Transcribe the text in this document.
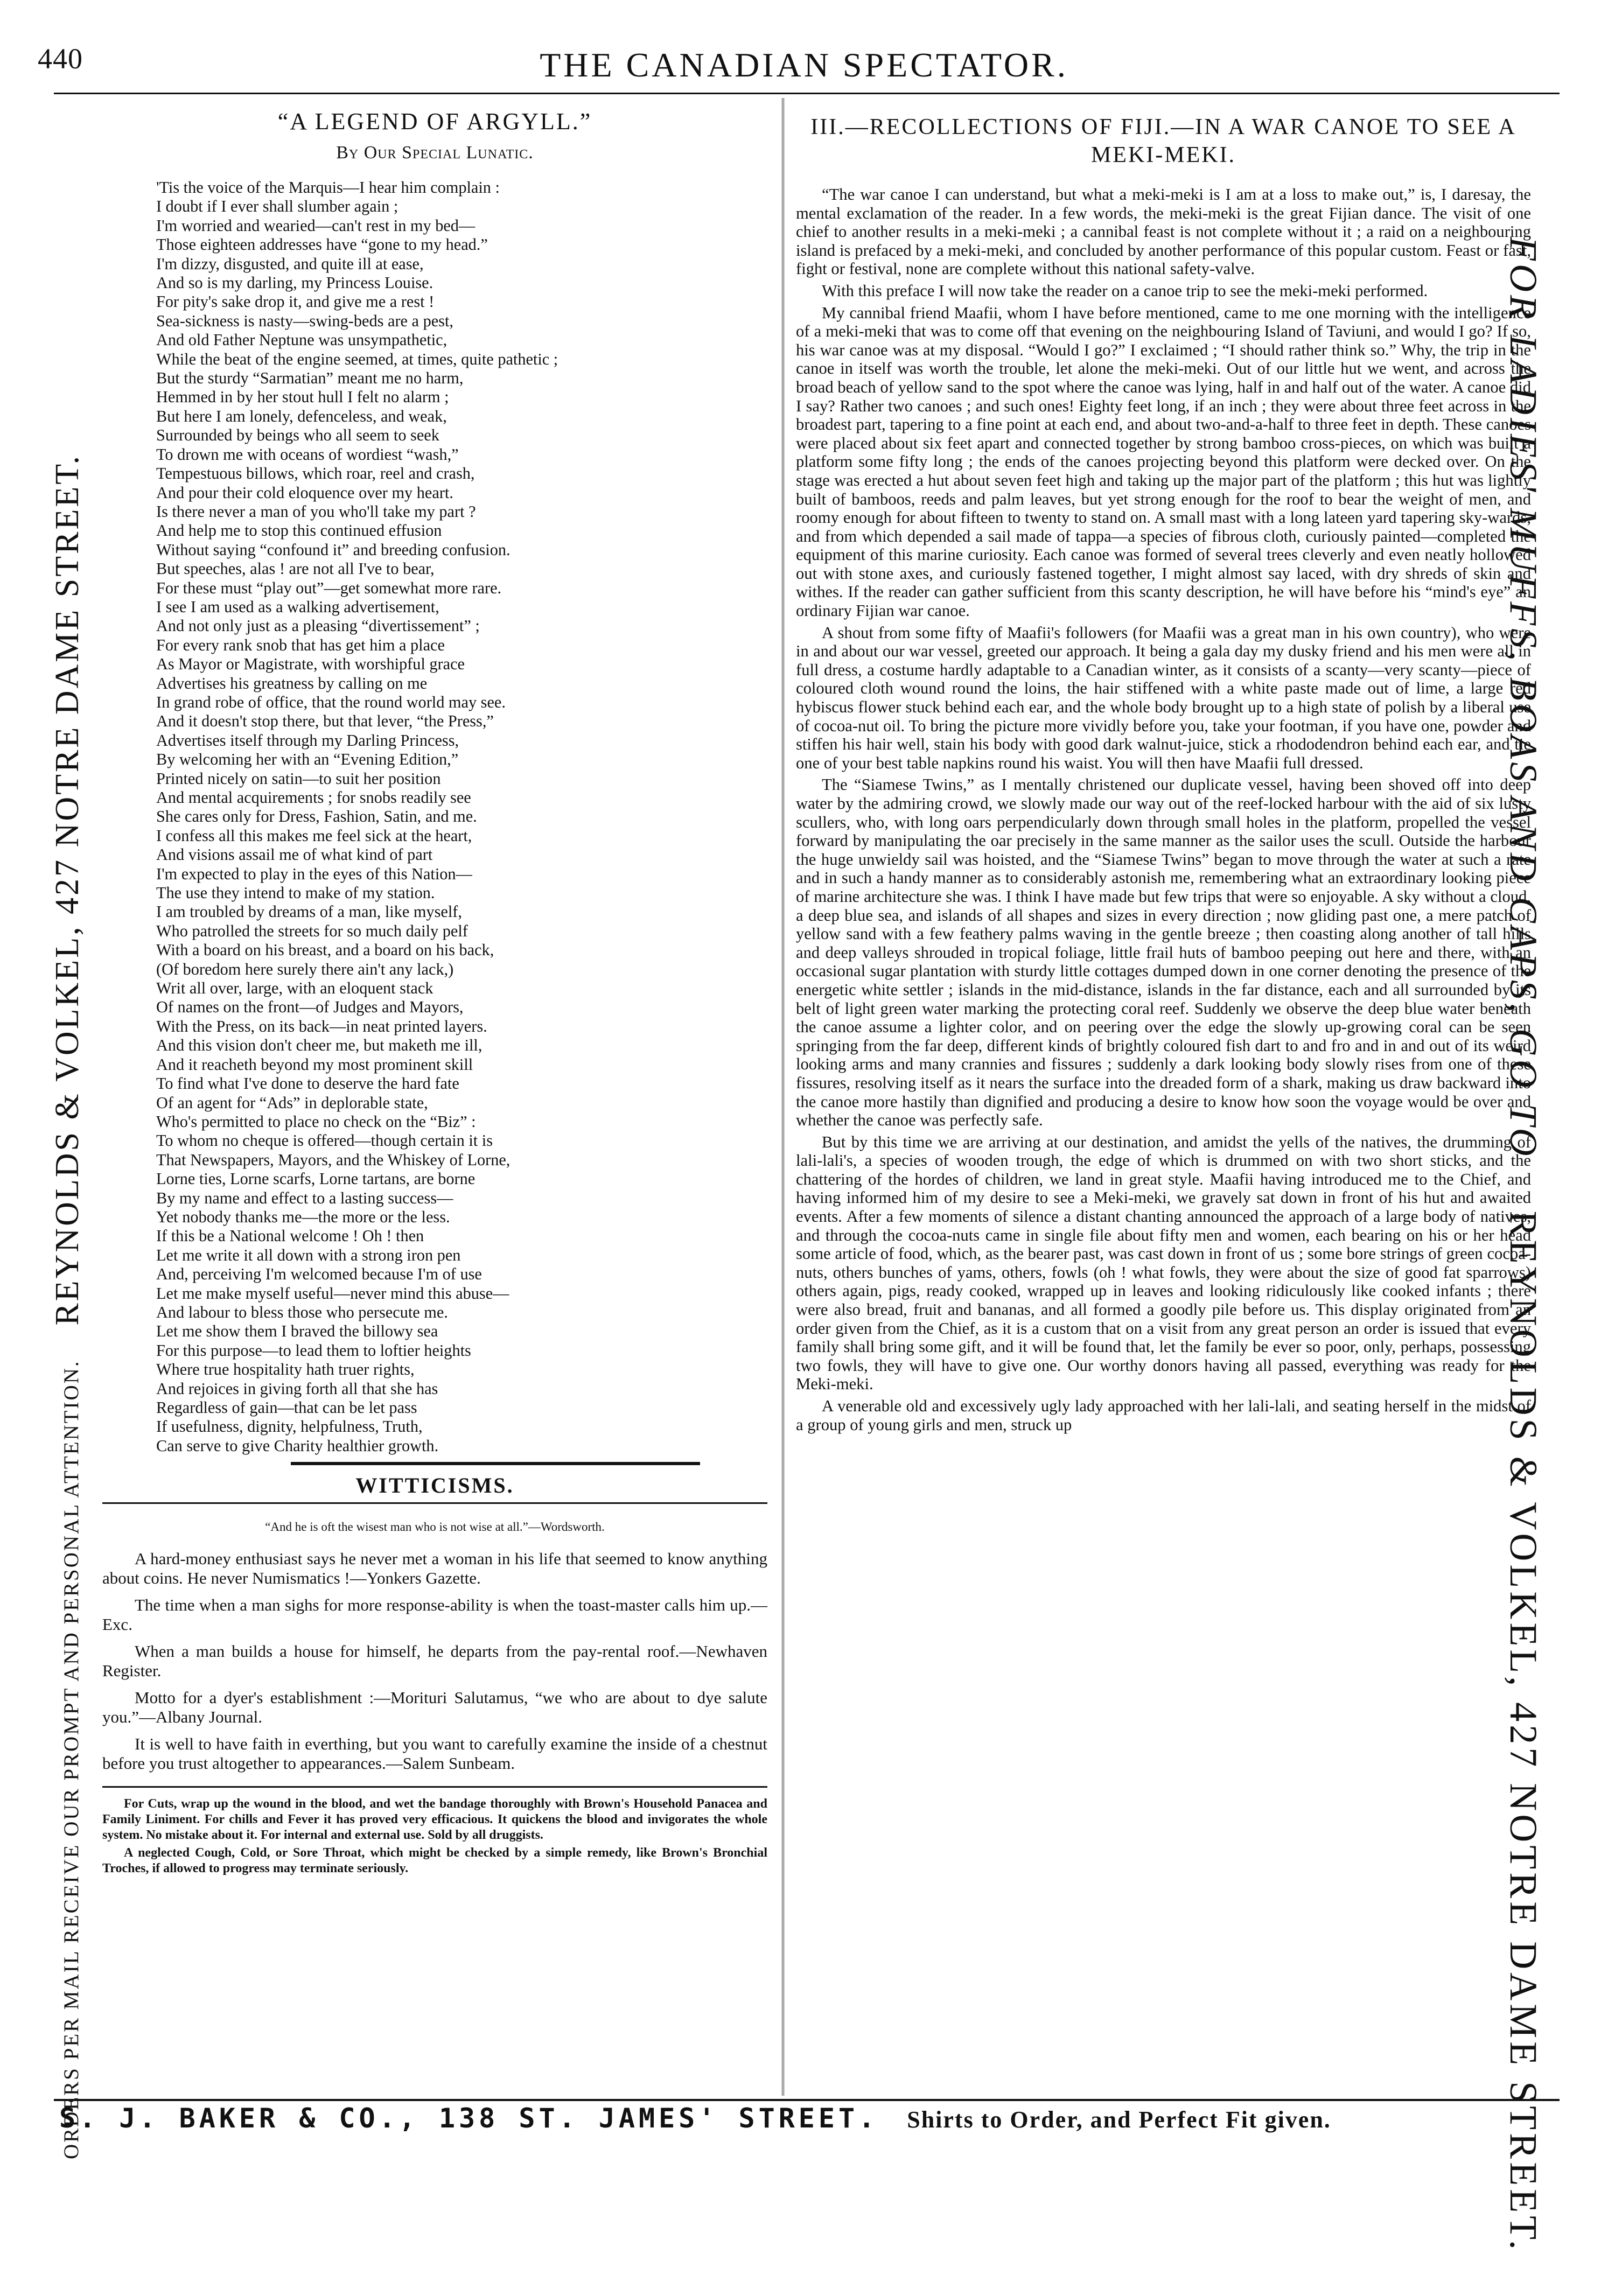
440	THE CANADIAN SPECTATOR.
ORDERS PER MAIL RECEIVE OUR PROMPT AND PERSONAL ATTENTION.     REYNOLDS & VOLKEL, 427 NOTRE DAME STREET.	FOR LADIES' MUFFS, BOAS AND CAPS, GO TO    REYNOLDS & VOLKEL, 427 NOTRE DAME STREET.
“A LEGEND OF ARGYLL.”
By Our Special Lunatic.
'Tis the voice of the Marquis—I hear him complain :
I doubt if I ever shall slumber again ;
I'm worried and wearied—can't rest in my bed—
Those eighteen addresses have “gone to my head.”
I'm dizzy, disgusted, and quite ill at ease,
And so is my darling, my Princess Louise.
For pity's sake drop it, and give me a rest !
Sea-sickness is nasty—swing-beds are a pest,
And old Father Neptune was unsympathetic,
While the beat of the engine seemed, at times, quite pathetic ;
But the sturdy “Sarmatian” meant me no harm,
Hemmed in by her stout hull I felt no alarm ;
But here I am lonely, defenceless, and weak,
Surrounded by beings who all seem to seek
To drown me with oceans of wordiest “wash,”
Tempestuous billows, which roar, reel and crash,
And pour their cold eloquence over my heart.
Is there never a man of you who'll take my part ?
And help me to stop this continued effusion
Without saying “confound it” and breeding confusion.
But speeches, alas ! are not all I've to bear,
For these must “play out”—get somewhat more rare.
I see I am used as a walking advertisement,
And not only just as a pleasing “divertissement” ;
For every rank snob that has get him a place
As Mayor or Magistrate, with worshipful grace
Advertises his greatness by calling on me
In grand robe of office, that the round world may see.
And it doesn't stop there, but that lever, “the Press,”
Advertises itself through my Darling Princess,
By welcoming her with an “Evening Edition,”
Printed nicely on satin—to suit her position
And mental acquirements ; for snobs readily see
She cares only for Dress, Fashion, Satin, and me.
I confess all this makes me feel sick at the heart,
And visions assail me of what kind of part
I'm expected to play in the eyes of this Nation—
The use they intend to make of my station.
I am troubled by dreams of a man, like myself,
Who patrolled the streets for so much daily pelf
With a board on his breast, and a board on his back,
(Of boredom here surely there ain't any lack,)
Writ all over, large, with an eloquent stack
Of names on the front—of Judges and Mayors,
With the Press, on its back—in neat printed layers.
And this vision don't cheer me, but maketh me ill,
And it reacheth beyond my most prominent skill
To find what I've done to deserve the hard fate
Of an agent for “Ads” in deplorable state,
Who's permitted to place no check on the “Biz” :
To whom no cheque is offered—though certain it is
That Newspapers, Mayors, and the Whiskey of Lorne,
Lorne ties, Lorne scarfs, Lorne tartans, are borne
By my name and effect to a lasting success—
Yet nobody thanks me—the more or the less.
If this be a National welcome ! Oh ! then
Let me write it all down with a strong iron pen
And, perceiving I'm welcomed because I'm of use
Let me make myself useful—never mind this abuse—
And labour to bless those who persecute me.
Let me show them I braved the billowy sea
For this purpose—to lead them to loftier heights
Where true hospitality hath truer rights,
And rejoices in giving forth all that she has
Regardless of gain—that can be let pass
If usefulness, dignity, helpfulness, Truth,
Can serve to give Charity healthier growth.
WITTICISMS.
“And he is oft the wisest man who is not wise at all.”—Wordsworth.

A hard-money enthusiast says he never met a woman in his life that seemed to know anything about coins. He never Numismatics !—Yonkers Gazette.

The time when a man sighs for more response-ability is when the toast-master calls him up.—Exc.

When a man builds a house for himself, he departs from the pay-rental roof.—Newhaven Register.

Motto for a dyer's establishment :—Morituri Salutamus, “we who are about to dye salute you.”—Albany Journal.

It is well to have faith in everthing, but you want to carefully examine the inside of a chestnut before you trust altogether to appearances.—Salem Sunbeam.

For Cuts, wrap up the wound in the blood, and wet the bandage thoroughly with Brown's Household Panacea and Family Liniment. For chills and Fever it has proved very efficacious. It quickens the blood and invigorates the whole system. No mistake about it. For internal and external use. Sold by all druggists.

A neglected Cough, Cold, or Sore Throat, which might be checked by a simple remedy, like Brown's Bronchial Troches, if allowed to progress may terminate seriously.

III.—RECOLLECTIONS OF FIJI.—IN A WAR CANOE TO SEE A MEKI-MEKI.

“The war canoe I can understand, but what a meki-meki is I am at a loss to make out,” is, I daresay, the mental exclamation of the reader. In a few words, the meki-meki is the great Fijian dance. The visit of one chief to another results in a meki-meki ; a cannibal feast is not complete without it ; a raid on a neighbouring island is prefaced by a meki-meki, and concluded by another performance of this popular custom. Feast or fast, fight or festival, none are complete without this national safety-valve.

With this preface I will now take the reader on a canoe trip to see the meki-meki performed.

My cannibal friend Maafii, whom I have before mentioned, came to me one morning with the intelligence of a meki-meki that was to come off that evening on the neighbouring Island of Taviuni, and would I go? If so, his war canoe was at my disposal. “Would I go?” I exclaimed ; “I should rather think so.” Why, the trip in the canoe in itself was worth the trouble, let alone the meki-meki. Out of our little hut we went, and across the broad beach of yellow sand to the spot where the canoe was lying, half in and half out of the water. A canoe did I say? Rather two canoes ; and such ones! Eighty feet long, if an inch ; they were about three feet across in the broadest part, tapering to a fine point at each end, and about two-and-a-half to three feet in depth. These canoes were placed about six feet apart and connected together by strong bamboo cross-pieces, on which was built a platform some fifty long ; the ends of the canoes projecting beyond this platform were decked over. On the stage was erected a hut about seven feet high and taking up the major part of the platform ; this hut was lightly built of bamboos, reeds and palm leaves, but yet strong enough for the roof to bear the weight of men, and roomy enough for about fifteen to twenty to stand on. A small mast with a long lateen yard tapering sky-wards, and from which depended a sail made of tappa—a species of fibrous cloth, curiously painted—completed the equipment of this marine curiosity. Each canoe was formed of several trees cleverly and even neatly hollowed out with stone axes, and curiously fastened together, I might almost say laced, with dry shreds of skin and withes. If the reader can gather sufficient from this scanty description, he will have before his “mind's eye” an ordinary Fijian war canoe.

A shout from some fifty of Maafii's followers (for Maafii was a great man in his own country), who were in and about our war vessel, greeted our approach. It being a gala day my dusky friend and his men were all in full dress, a costume hardly adaptable to a Canadian winter, as it consists of a scanty—very scanty—piece of coloured cloth wound round the loins, the hair stiffened with a white paste made out of lime, a large red hybiscus flower stuck behind each ear, and the whole body brought up to a high state of polish by a liberal use of cocoa-nut oil. To bring the picture more vividly before you, take your footman, if you have one, powder and stiffen his hair well, stain his body with good dark walnut-juice, stick a rhododendron behind each ear, and tie one of your best table napkins round his waist. You will then have Maafii full dressed.

The “Siamese Twins,” as I mentally christened our duplicate vessel, having been shoved off into deep water by the admiring crowd, we slowly made our way out of the reef-locked harbour with the aid of six lusty scullers, who, with long oars perpendicularly down through small holes in the platform, propelled the vessel forward by manipulating the oar precisely in the same manner as the sailor uses the scull. Outside the harbour the huge unwieldy sail was hoisted, and the “Siamese Twins” began to move through the water at such a rate and in such a handy manner as to considerably astonish me, remembering what an extraordinary looking piece of marine architecture she was. I think I have made but few trips that were so enjoyable. A sky without a cloud, a deep blue sea, and islands of all shapes and sizes in every direction ; now gliding past one, a mere patch of yellow sand with a few feathery palms waving in the gentle breeze ; then coasting along another of tall hills and deep valleys shrouded in tropical foliage, little frail huts of bamboo peeping out here and there, with an occasional sugar plantation with sturdy little cottages dumped down in one corner denoting the presence of the energetic white settler ; islands in the mid-distance, islands in the far distance, each and all surrounded by its belt of light green water marking the protecting coral reef. Suddenly we observe the deep blue water beneath the canoe assume a lighter color, and on peering over the edge the slowly up-growing coral can be seen springing from the far deep, different kinds of brightly coloured fish dart to and fro and in and out of its weird looking arms and many crannies and fissures ; suddenly a dark looking body slowly rises from one of these fissures, resolving itself as it nears the surface into the dreaded form of a shark, making us draw backward into the canoe more hastily than dignified and producing a desire to know how soon the voyage would be over and whether the canoe was perfectly safe.

But by this time we are arriving at our destination, and amidst the yells of the natives, the drumming of lali-lali's, a species of wooden trough, the edge of which is drummed on with two short sticks, and the chattering of the hordes of children, we land in great style. Maafii having introduced me to the Chief, and having informed him of my desire to see a Meki-meki, we gravely sat down in front of his hut and awaited events. After a few moments of silence a distant chanting announced the approach of a large body of natives, and through the cocoa-nuts came in single file about fifty men and women, each bearing on his or her head some article of food, which, as the bearer past, was cast down in front of us ; some bore strings of green cocoa-nuts, others bunches of yams, others, fowls (oh ! what fowls, they were about the size of good fat sparrows) others again, pigs, ready cooked, wrapped up in leaves and looking ridiculously like cooked infants ; there were also bread, fruit and bananas, and all formed a goodly pile before us. This display originated from an order given from the Chief, as it is a custom that on a visit from any great person an order is issued that every family shall bring some gift, and it will be found that, let the family be ever so poor, only, perhaps, possessing two fowls, they will have to give one. Our worthy donors having all passed, everything was ready for the Meki-meki.

A venerable old and excessively ugly lady approached with her lali-lali, and seating herself in the midst of a group of young girls and men, struck up

S. J. BAKER & CO., 138 ST. JAMES' STREET. Shirts to Order, and Perfect Fit given.
